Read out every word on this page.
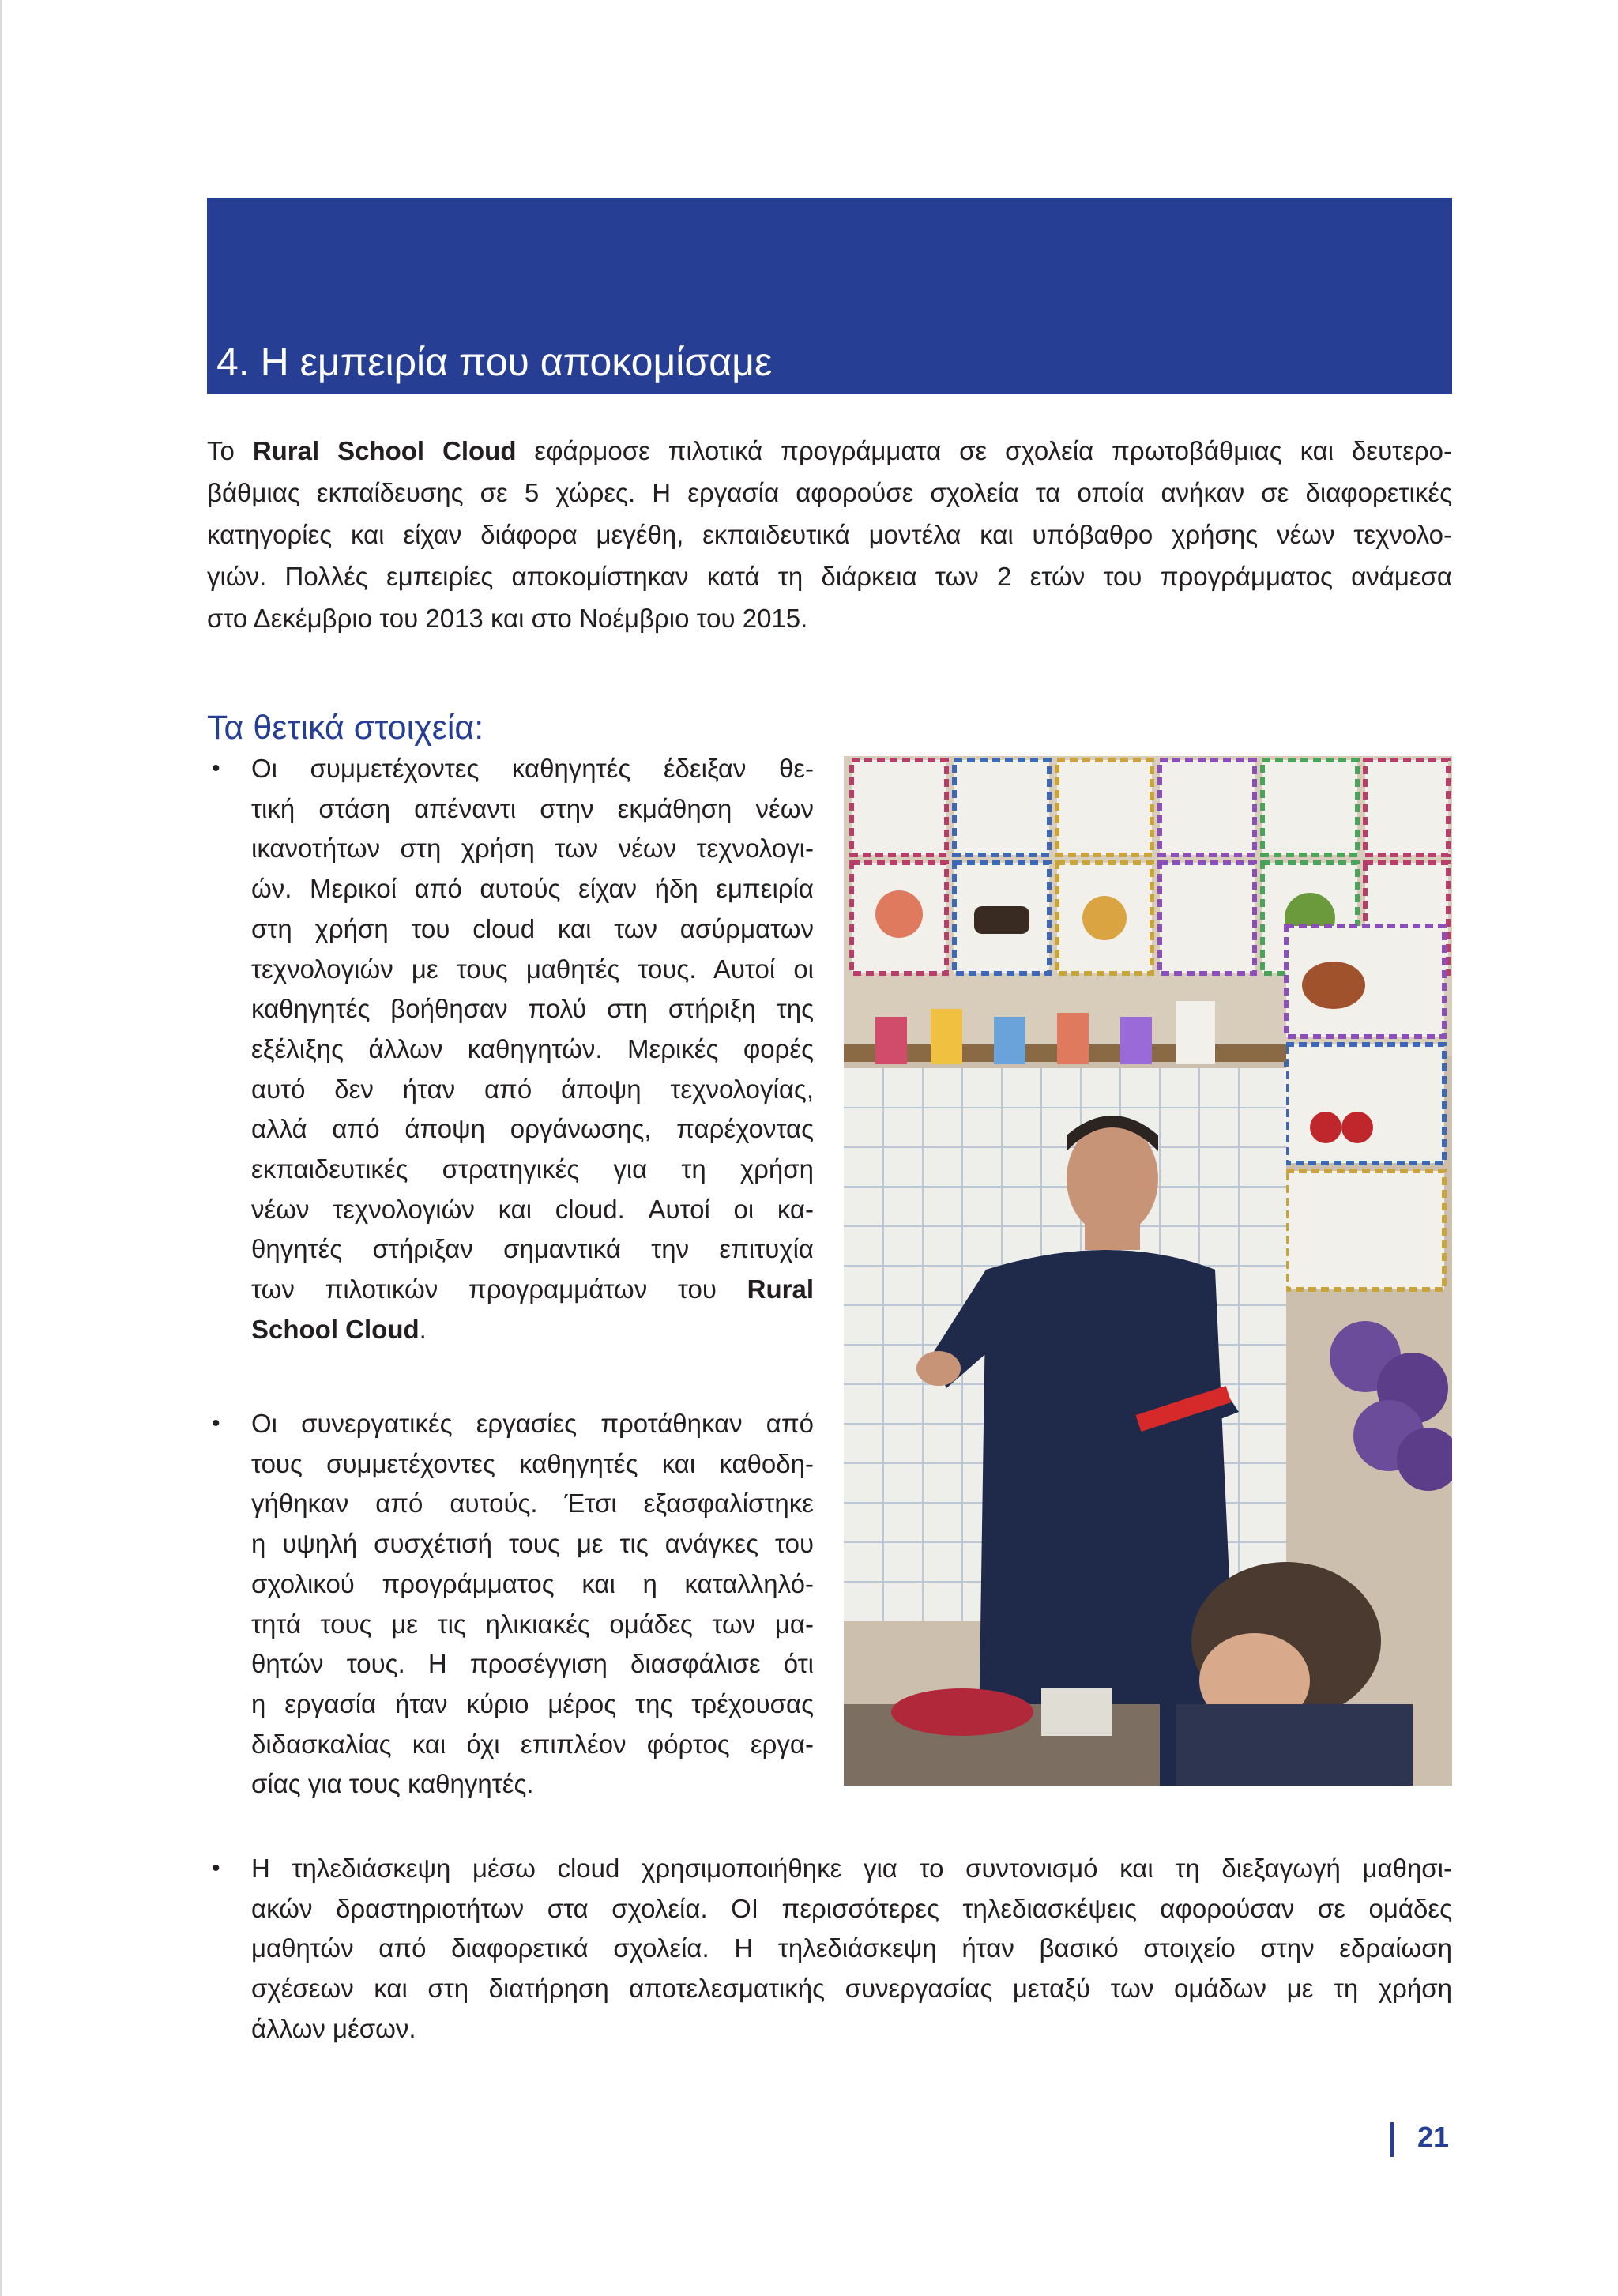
4. Η εμπειρία που αποκομίσαμε

Το Rural School Cloud εφάρμοσε πιλοτικά προγράμματα σε σχολεία πρωτοβάθμιας και δευτερο-
βάθμιας εκπαίδευσης σε 5 χώρες. Η εργασία αφορούσε σχολεία τα οποία ανήκαν σε διαφορετικές
κατηγορίες και είχαν διάφορα μεγέθη, εκπαιδευτικά μοντέλα και υπόβαθρο χρήσης νέων τεχνολο-
γιών. Πολλές εμπειρίες αποκομίστηκαν κατά τη διάρκεια των 2 ετών του προγράμματος ανάμεσα
στο Δεκέμβριο του 2013 και στο Νοέμβριο του 2015.

Τα θετικά στοιχεία:
• Οι συμμετέχοντες καθηγητές έδειξαν θε-
τική στάση απέναντι στην εκμάθηση νέων
ικανοτήτων στη χρήση των νέων τεχνολογι-
ών. Μερικοί από αυτούς είχαν ήδη εμπειρία
στη χρήση του cloud και των ασύρματων
τεχνολογιών με τους μαθητές τους. Αυτοί οι
καθηγητές βοήθησαν πολύ στη στήριξη της
εξέλιξης άλλων καθηγητών. Μερικές φορές
αυτό δεν ήταν από άποψη τεχνολογίας,
αλλά από άποψη οργάνωσης, παρέχοντας
εκπαιδευτικές στρατηγικές για τη χρήση
νέων τεχνολογιών και cloud. Αυτοί οι κα-
θηγητές στήριξαν σημαντικά την επιτυχία
των πιλοτικών προγραμμάτων του Rural
School Cloud.
• Οι συνεργατικές εργασίες προτάθηκαν από
τους συμμετέχοντες καθηγητές και καθοδη-
γήθηκαν από αυτούς. Έτσι εξασφαλίστηκε
η υψηλή συσχέτισή τους με τις ανάγκες του
σχολικού προγράμματος και η καταλληλό-
τητά τους με τις ηλικιακές ομάδες των μα-
θητών τους. Η προσέγγιση διασφάλισε ότι
η εργασία ήταν κύριο μέρος της τρέχουσας
διδασκαλίας και όχι επιπλέον φόρτος εργα-
σίας για τους καθηγητές.
• Η τηλεδιάσκεψη μέσω cloud χρησιμοποιήθηκε για το συντονισμό και τη διεξαγωγή μαθησι-
ακών δραστηριοτήτων στα σχολεία. ΟΙ περισσότερες τηλεδιασκέψεις αφορούσαν σε ομάδες
μαθητών από διαφορετικά σχολεία. Η τηλεδιάσκεψη ήταν βασικό στοιχείο στην εδραίωση
σχέσεων και στη διατήρηση αποτελεσματικής συνεργασίας μεταξύ των ομάδων με τη χρήση
άλλων μέσων.
21
